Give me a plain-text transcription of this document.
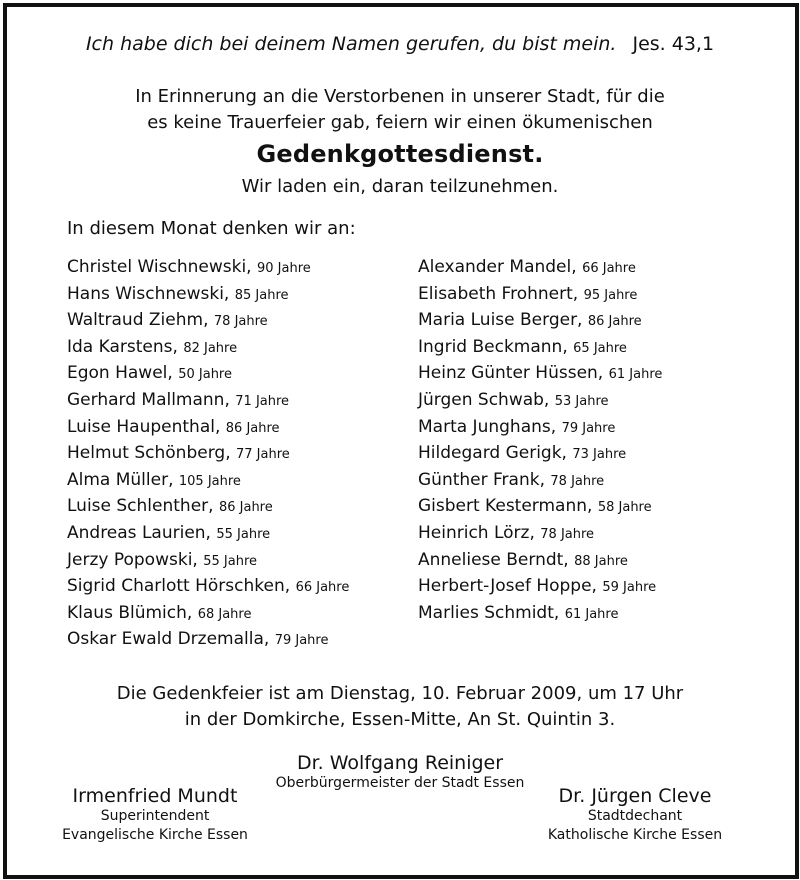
Ich habe dich bei deinem Namen gerufen, du bist mein. Jes. 43,1
In Erinnerung an die Verstorbenen in unserer Stadt, für die
es keine Trauerfeier gab, feiern wir einen ökumenischen
Gedenkgottesdienst.
Wir laden ein, daran teilzunehmen.
In diesem Monat denken wir an:
Christel Wischnewski, 90 Jahre
Hans Wischnewski, 85 Jahre
Waltraud Ziehm, 78 Jahre
Ida Karstens, 82 Jahre
Egon Hawel, 50 Jahre
Gerhard Mallmann, 71 Jahre
Luise Haupenthal, 86 Jahre
Helmut Schönberg, 77 Jahre
Alma Müller, 105 Jahre
Luise Schlenther, 86 Jahre
Andreas Laurien, 55 Jahre
Jerzy Popowski, 55 Jahre
Sigrid Charlott Hörschken, 66 Jahre
Klaus Blümich, 68 Jahre
Oskar Ewald Drzemalla, 79 Jahre
Alexander Mandel, 66 Jahre
Elisabeth Frohnert, 95 Jahre
Maria Luise Berger, 86 Jahre
Ingrid Beckmann, 65 Jahre
Heinz Günter Hüssen, 61 Jahre
Jürgen Schwab, 53 Jahre
Marta Junghans, 79 Jahre
Hildegard Gerigk, 73 Jahre
Günther Frank, 78 Jahre
Gisbert Kestermann, 58 Jahre
Heinrich Lörz, 78 Jahre
Anneliese Berndt, 88 Jahre
Herbert-Josef Hoppe, 59 Jahre
Marlies Schmidt, 61 Jahre
Die Gedenkfeier ist am Dienstag, 10. Februar 2009, um 17 Uhr
in der Domkirche, Essen-Mitte, An St. Quintin 3.
Dr. Wolfgang Reiniger
Oberbürgermeister der Stadt Essen
Irmenfried Mundt
Superintendent
Evangelische Kirche Essen
Dr. Jürgen Cleve
Stadtdechant
Katholische Kirche Essen
